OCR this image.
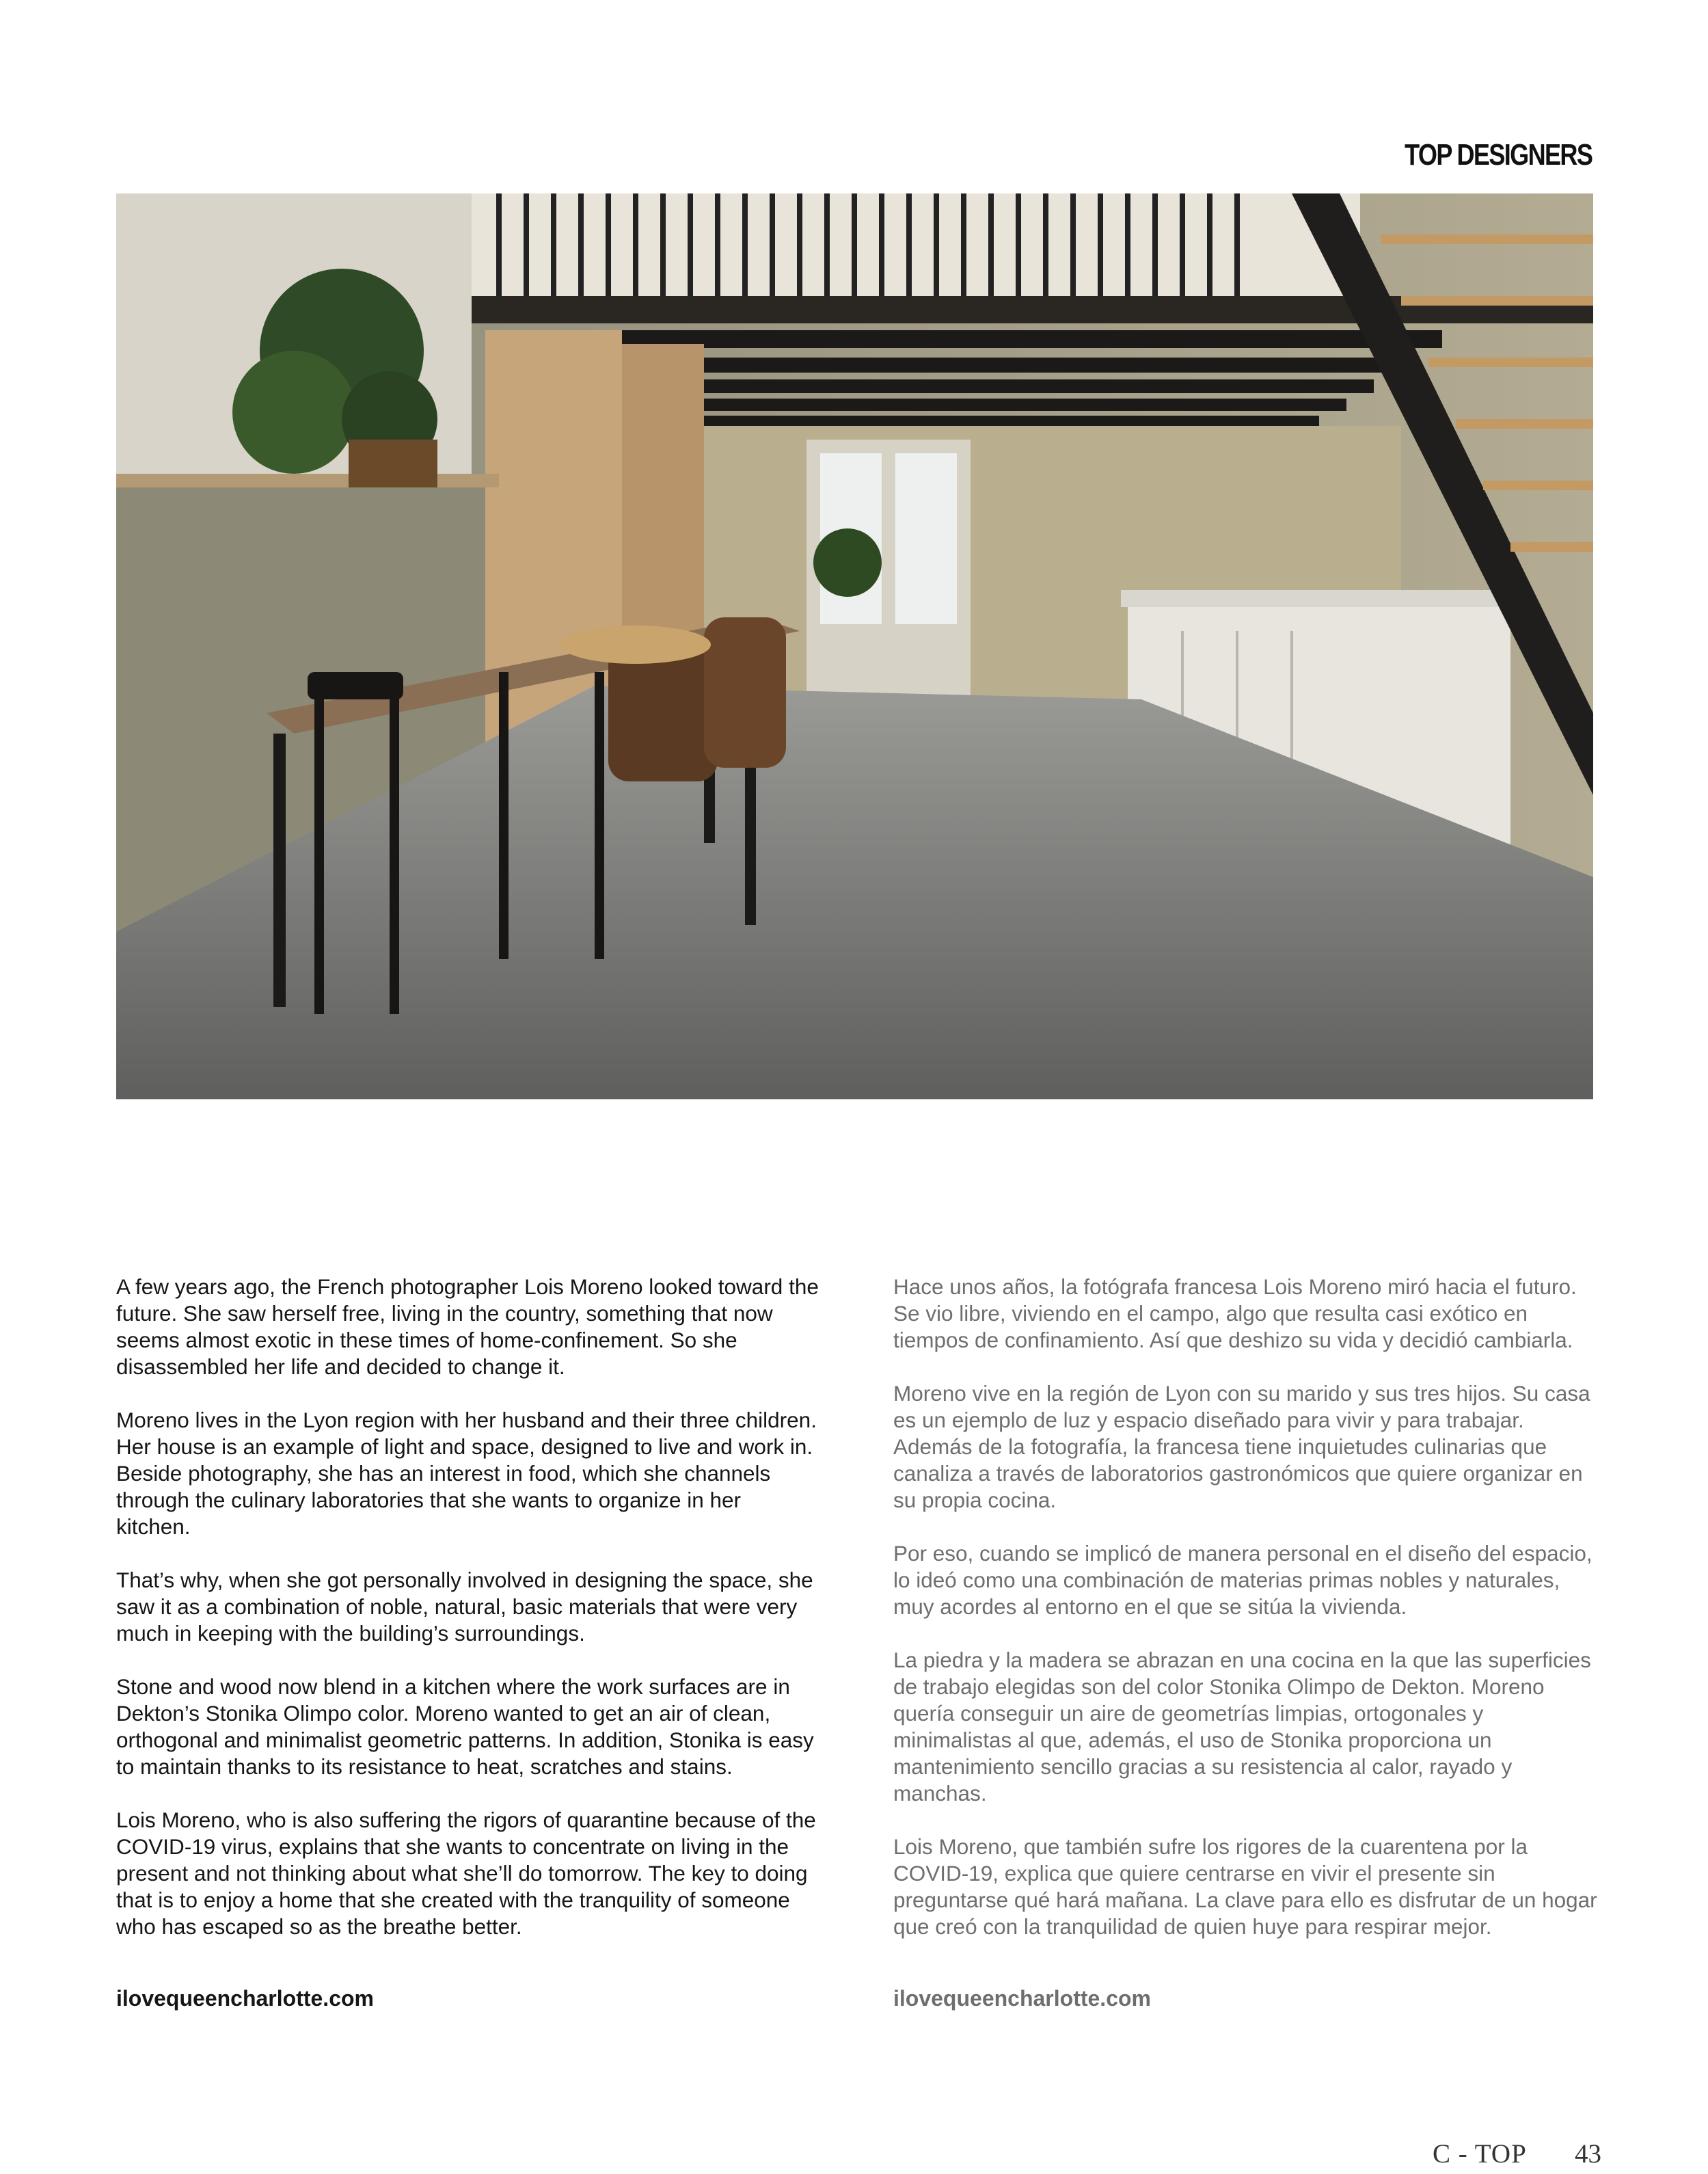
TOP DESIGNERS

A few years ago, the French photographer Lois Moreno looked toward the future. She saw herself free, living in the country, something that now seems almost exotic in these times of home-confinement. So she disassembled her life and decided to change it.

Moreno lives in the Lyon region with her husband and their three children. Her house is an example of light and space, designed to live and work in. Beside photography, she has an interest in food, which she channels through the culinary laboratories that she wants to organize in her kitchen.

That’s why, when she got personally involved in designing the space, she saw it as a combination of noble, natural, basic materials that were very much in keeping with the building’s surroundings.

Stone and wood now blend in a kitchen where the work surfaces are in Dekton’s Stonika Olimpo color. Moreno wanted to get an air of clean, orthogonal and minimalist geometric patterns. In addition, Stonika is easy to maintain thanks to its resistance to heat, scratches and stains.

Lois Moreno, who is also suffering the rigors of quarantine because of the COVID-19 virus, explains that she wants to concentrate on living in the present and not thinking about what she’ll do tomorrow. The key to doing that is to enjoy a home that she created with the tranquility of someone who has escaped so as the breathe better.

ilovequeencharlotte.com

Hace unos años, la fotógrafa francesa Lois Moreno miró hacia el futuro. Se vio libre, viviendo en el campo, algo que resulta casi exótico en tiempos de confinamiento. Así que deshizo su vida y decidió cambiarla.

Moreno vive en la región de Lyon con su marido y sus tres hijos. Su casa es un ejemplo de luz y espacio diseñado para vivir y para trabajar. Además de la fotografía, la francesa tiene inquietudes culinarias que canaliza a través de laboratorios gastronómicos que quiere organizar en su propia cocina.

Por eso, cuando se implicó de manera personal en el diseño del espacio, lo ideó como una combinación de materias primas nobles y naturales, muy acordes al entorno en el que se sitúa la vivienda.

La piedra y la madera se abrazan en una cocina en la que las superficies de trabajo elegidas son del color Stonika Olimpo de Dekton. Moreno quería conseguir un aire de geometrías limpias, ortogonales y minimalistas al que, además, el uso de Stonika proporciona un mantenimiento sencillo gracias a su resistencia al calor, rayado y manchas.

Lois Moreno, que también sufre los rigores de la cuarentena por la COVID-19, explica que quiere centrarse en vivir el presente sin preguntarse qué hará mañana. La clave para ello es disfrutar de un hogar que creó con la tranquilidad de quien huye para respirar mejor.

ilovequeencharlotte.com

C - TOP 43
